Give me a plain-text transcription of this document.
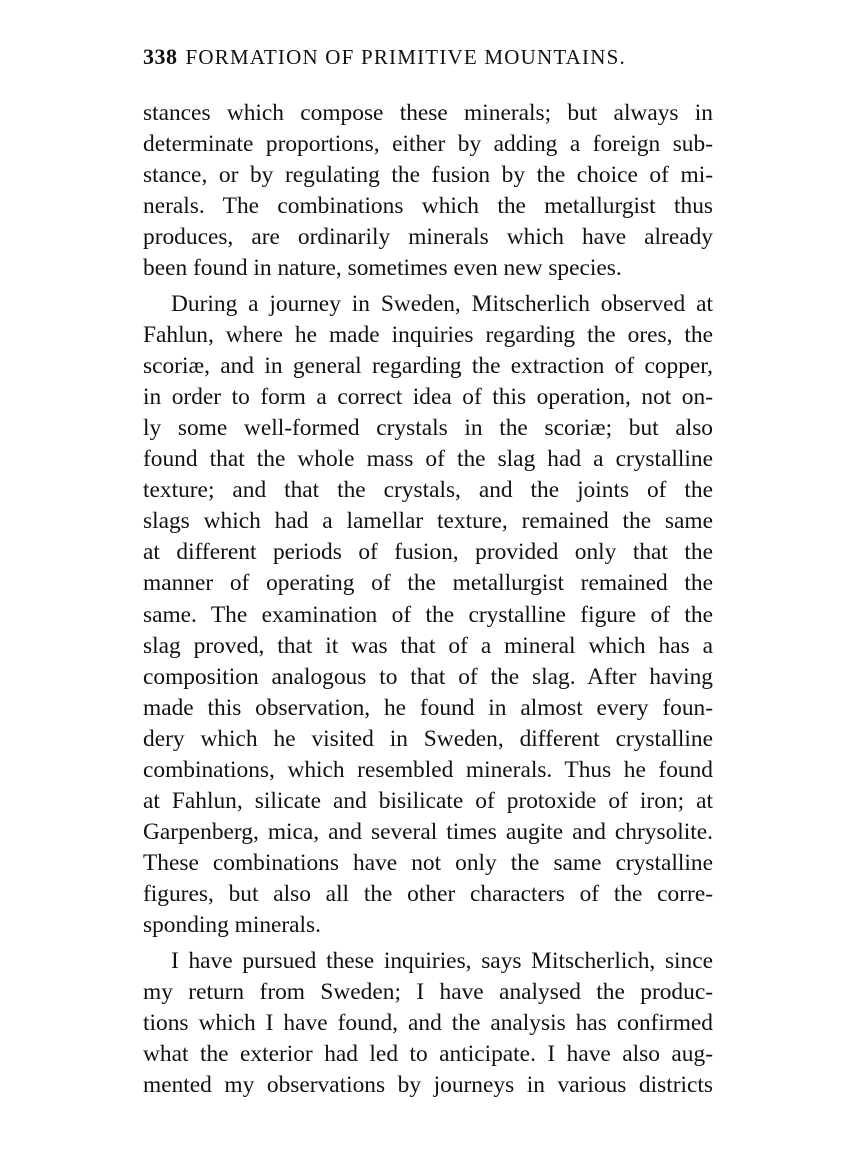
338 FORMATION OF PRIMITIVE MOUNTAINS.
stances which compose these minerals; but always in
determinate proportions, either by adding a foreign sub-
stance, or by regulating the fusion by the choice of mi-
nerals. The combinations which the metallurgist thus
produces, are ordinarily minerals which have already
been found in nature, sometimes even new species.
During a journey in Sweden, Mitscherlich observed at
Fahlun, where he made inquiries regarding the ores, the
scoriæ, and in general regarding the extraction of copper,
in order to form a correct idea of this operation, not on-
ly some well-formed crystals in the scoriæ; but also
found that the whole mass of the slag had a crystalline
texture; and that the crystals, and the joints of the
slags which had a lamellar texture, remained the same
at different periods of fusion, provided only that the
manner of operating of the metallurgist remained the
same. The examination of the crystalline figure of the
slag proved, that it was that of a mineral which has a
composition analogous to that of the slag. After having
made this observation, he found in almost every foun-
dery which he visited in Sweden, different crystalline
combinations, which resembled minerals. Thus he found
at Fahlun, silicate and bisilicate of protoxide of iron; at
Garpenberg, mica, and several times augite and chrysolite.
These combinations have not only the same crystalline
figures, but also all the other characters of the corre-
sponding minerals.
I have pursued these inquiries, says Mitscherlich, since
my return from Sweden; I have analysed the produc-
tions which I have found, and the analysis has confirmed
what the exterior had led to anticipate. I have also aug-
mented my observations by journeys in various districts
